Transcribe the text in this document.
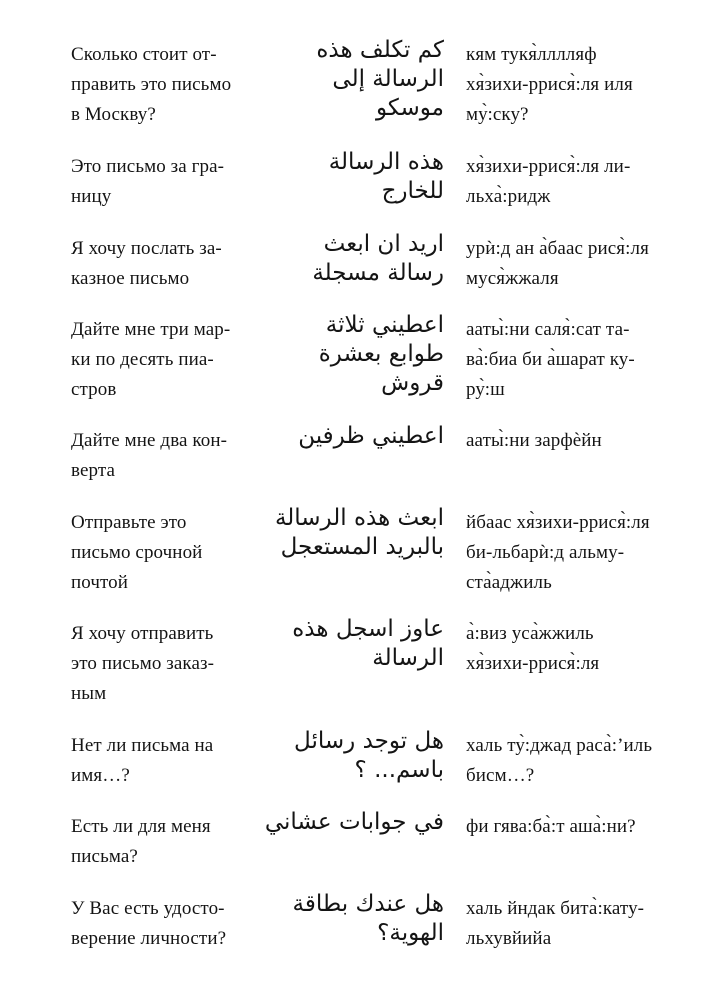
Сколько стоит от-
править это письмо
в Москву?
كم تكلف هذه
الرسالة إلى
موسكو
кям тукя̀лллляф
хя̀зихи-ррися̀:ля иля
му̀:ску?
Это письмо за гра-
ницу
هذه الرسالة
للخارج
хя̀зихи-ррися̀:ля ли-
льха̀:ридж
Я хочу послать за-
казное письмо
اريد ان ابعث
رسالة مسجلة
урѝ:д ан а̀баас рися̀:ля
муся̀жжаля
Дайте мне три мар-
ки по десять пиа-
стров
اعطيني ثلاثة
طوابع بعشرة
قروش
ааты̀:ни саля̀:сат та-
ва̀:биа би а̀шарат ку-
ру̀:ш
Дайте мне два кон-
верта
اعطيني ظرفين ааты̀:ни зарфѐйн
Отправьте это
письмо срочной
почтой
ابعث هذه الرسالة
بالبريد المستعجل
йбаас хя̀зихи-ррися̀:ля
би-льбарѝ:д альму-
ста̀аджиль
Я хочу отправить
это письмо заказ-
ным
عاوز اسجل هذه
الرسالة
а̀:виз уса̀жжиль
хя̀зихи-ррися̀:ля
Нет ли письма на
имя…?
هل توجد رسائل
باسم... ؟
халь ту̀:джад раса̀:’иль
бисм…?
Есть ли для меня
письма?
في جوابات عشاني фи гява:ба̀:т аша̀:ни?
У Вас есть удосто-
верение личности?
هل عندك بطاقة
الهوية؟
халь йндак бита̀:кату-
льхувйийа
